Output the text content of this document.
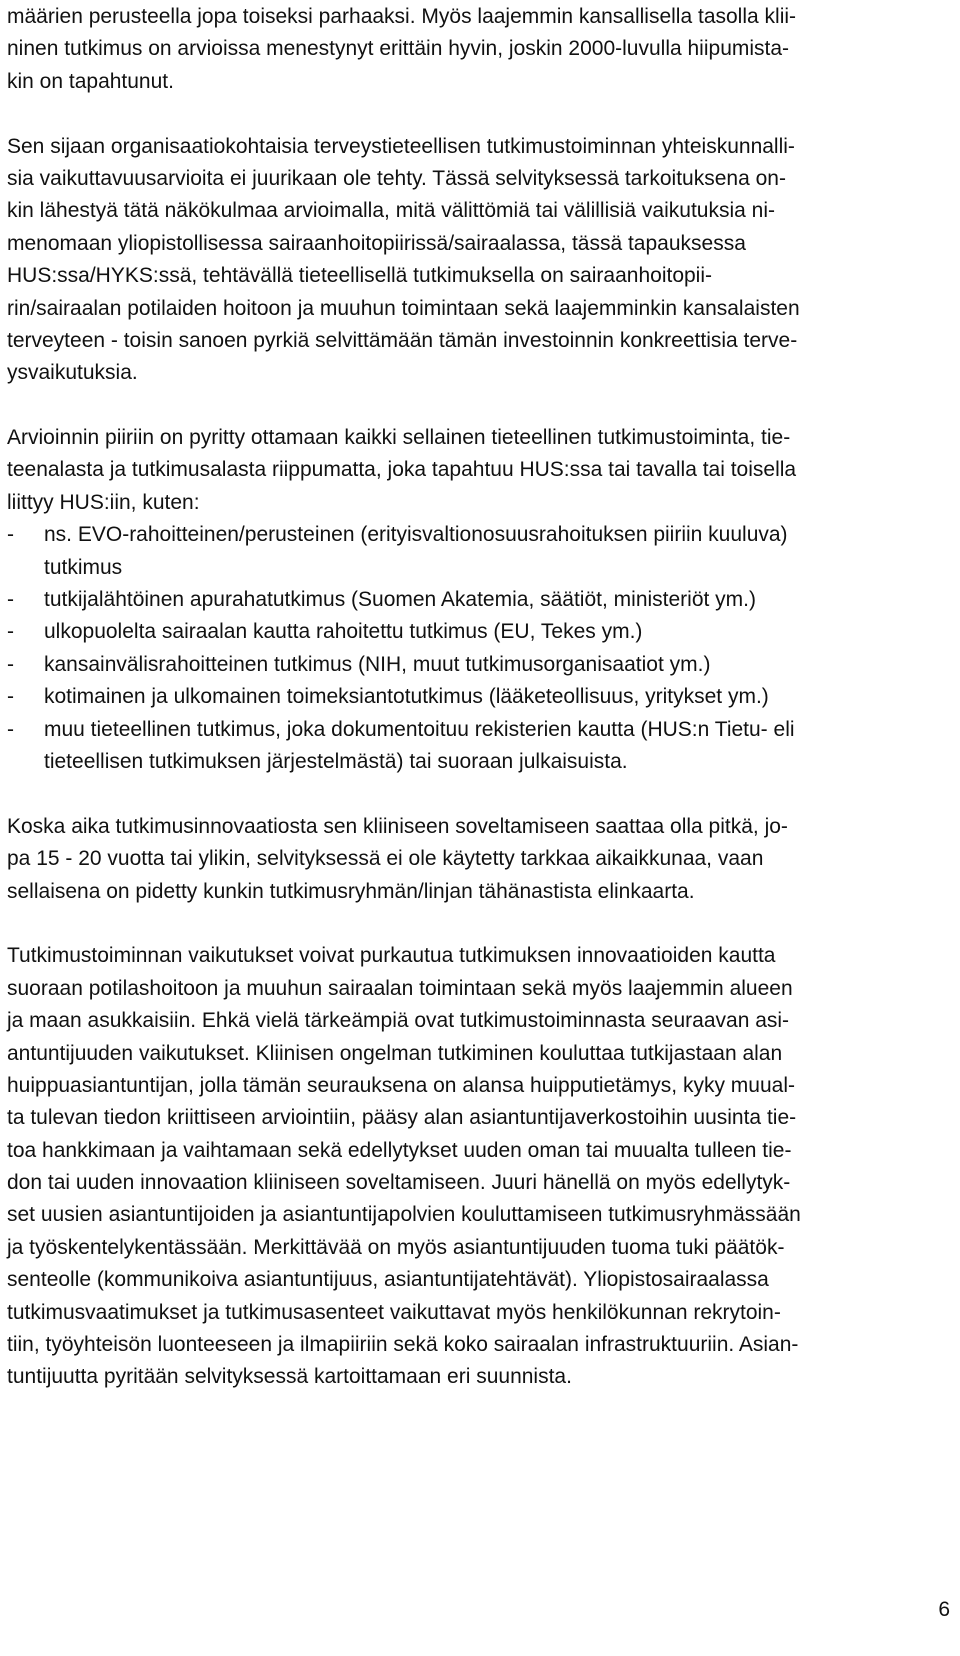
määrien perusteella jopa toiseksi parhaaksi. Myös laajemmin kansallisella tasolla klii-
ninen tutkimus on arvioissa menestynyt erittäin hyvin, joskin 2000-luvulla hiipumista-
kin on tapahtunut.
Sen sijaan organisaatiokohtaisia terveystieteellisen tutkimustoiminnan yhteiskunnalli-
sia vaikuttavuusarvioita ei juurikaan ole tehty. Tässä selvityksessä tarkoituksena on-
kin lähestyä tätä näkökulmaa arvioimalla, mitä välittömiä tai välillisiä vaikutuksia ni-
menomaan yliopistollisessa sairaanhoitopiirissä/sairaalassa, tässä tapauksessa
HUS:ssa/HYKS:ssä, tehtävällä tieteellisellä tutkimuksella on sairaanhoitopii-
rin/sairaalan potilaiden hoitoon ja muuhun toimintaan sekä laajemminkin kansalaisten
terveyteen - toisin sanoen pyrkiä selvittämään tämän investoinnin konkreettisia terve-
ysvaikutuksia.
Arvioinnin piiriin on pyritty ottamaan kaikki sellainen tieteellinen tutkimustoiminta, tie-
teenalasta ja tutkimusalasta riippumatta, joka tapahtuu HUS:ssa tai tavalla tai toisella
liittyy HUS:iin, kuten:
- ns. EVO-rahoitteinen/perusteinen (erityisvaltionosuusrahoituksen piiriin kuuluva)
tutkimus
- tutkijalähtöinen apurahatutkimus (Suomen Akatemia, säätiöt, ministeriöt ym.)
- ulkopuolelta sairaalan kautta rahoitettu tutkimus (EU, Tekes ym.)
- kansainvälisrahoitteinen tutkimus (NIH, muut tutkimusorganisaatiot ym.)
- kotimainen ja ulkomainen toimeksiantotutkimus (lääketeollisuus, yritykset ym.)
- muu tieteellinen tutkimus, joka dokumentoituu rekisterien kautta (HUS:n Tietu- eli
tieteellisen tutkimuksen järjestelmästä) tai suoraan julkaisuista.
Koska aika tutkimusinnovaatiosta sen kliiniseen soveltamiseen saattaa olla pitkä, jo-
pa 15 - 20 vuotta tai ylikin, selvityksessä ei ole käytetty tarkkaa aikaikkunaa, vaan
sellaisena on pidetty kunkin tutkimusryhmän/linjan tähänastista elinkaarta.
Tutkimustoiminnan vaikutukset voivat purkautua tutkimuksen innovaatioiden kautta
suoraan potilashoitoon ja muuhun sairaalan toimintaan sekä myös laajemmin alueen
ja maan asukkaisiin. Ehkä vielä tärkeämpiä ovat tutkimustoiminnasta seuraavan asi-
antuntijuuden vaikutukset. Kliinisen ongelman tutkiminen kouluttaa tutkijastaan alan
huippuasiantuntijan, jolla tämän seurauksena on alansa huipputietämys, kyky muual-
ta tulevan tiedon kriittiseen arviointiin, pääsy alan asiantuntijaverkostoihin uusinta tie-
toa hankkimaan ja vaihtamaan sekä edellytykset uuden oman tai muualta tulleen tie-
don tai uuden innovaation kliiniseen soveltamiseen. Juuri hänellä on myös edellytyk-
set uusien asiantuntijoiden ja asiantuntijapolvien kouluttamiseen tutkimusryhmässään
ja työskentelykentässään. Merkittävää on myös asiantuntijuuden tuoma tuki päätök-
senteolle (kommunikoiva asiantuntijuus, asiantuntijatehtävät). Yliopistosairaalassa
tutkimusvaatimukset ja tutkimusasenteet vaikuttavat myös henkilökunnan rekrytoin-
tiin, työyhteisön luonteeseen ja ilmapiiriin sekä koko sairaalan infrastruktuuriin. Asian-
tuntijuutta pyritään selvityksessä kartoittamaan eri suunnista.
6
